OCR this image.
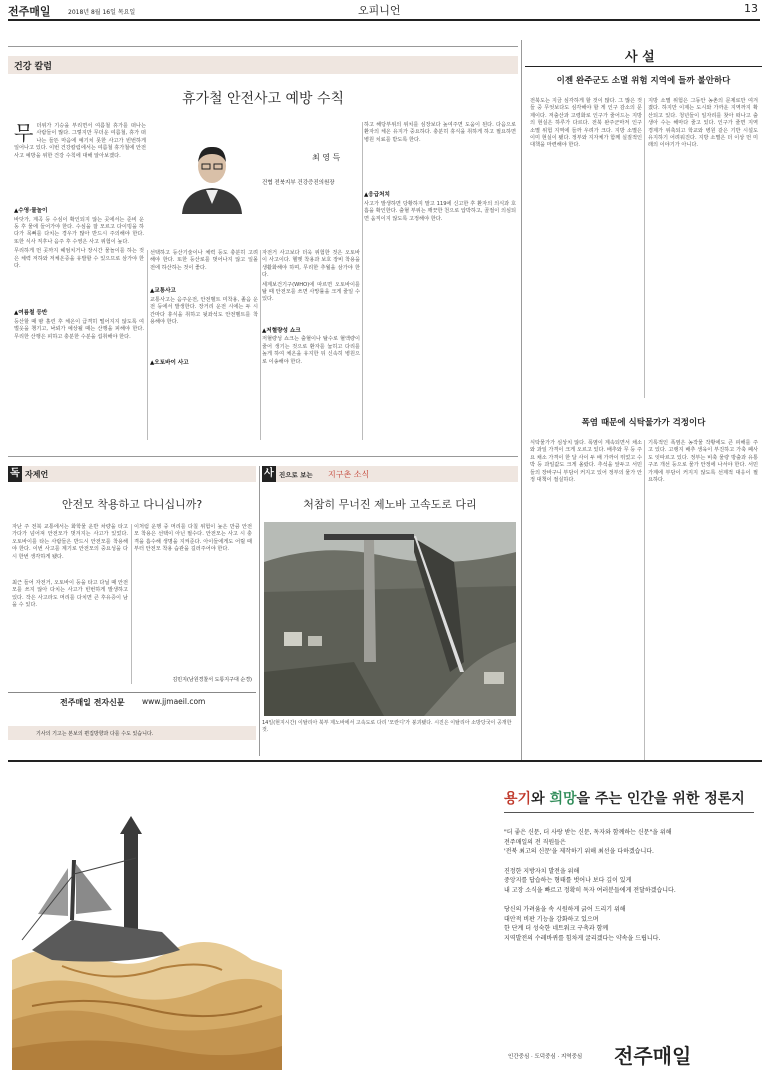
전주매일	2018년 8월 16일 목요일	오피니언	13
건강 칼럼
휴가철 안전사고 예방 수칙
최 영 득
건협 전북지부 건강증진의원장
무 더위가 기승을 부리면서 여름철 휴가를 떠나는 사람들이 많다. 그렇지만 무더운 여름철, 휴가 떠나는 들뜬 마음에 예기치 못한 사고가 빈번하게 일어나고 있다. 이번 건강칼럼에서는 여름철 휴가철에 안전사고 예방을 위한 건강 수칙에 대해 알아보겠다.
▲수영·물놀이
바닷가, 계곡 등 수심이 확인되지 않는 곳에서는 준비 운동 후 물에 들어가야 한다. 수심을 잘 모르고 다이빙을 하다가 목뼈를 다치는 경우가 많아 반드시 주의해야 한다. 또한 식사 직후나 음주 후 수영은 사고 위험이 높다.
무리하게 먼 곳까지 헤엄치거나 장시간 물놀이를 하는 것은 체력 저하와 저체온증을 유발할 수 있으므로 삼가야 한다.
▲여름철 등반
등산할 때 땀 흘린 후 체온이 급격히 떨어지지 않도록 여벌옷을 챙기고, 낙뢰가 예상될 때는 산행을 피해야 한다. 무리한 산행은 피하고 충분한 수분을 섭취해야 한다.
선택하고 등산기술이나 체력 등도 충분히 고려해야 한다. 또한 등산로를 벗어나지 않고 일몰 전에 하산하는 것이 좋다.
▲교통사고
교통사고는 음주운전, 안전벨트 미착용, 졸음 운전 등에서 발생한다. 장거리 운전 시에는 두 시간마다 휴식을 취하고 뒷좌석도 안전벨트를 착용해야 한다.
▲오토바이 사고
자전거 사고보다 더욱 위험한 것은 오토바이 사고이다. 헬멧 착용과 보호 장비 착용을 생활화해야 하며, 무리한 추월을 삼가야 한다.
세계보건기구(WHO)에 따르면 오토바이를 탈 때 안전모를 쓰면 사망률을 크게 줄일 수 있다.
▲저혈량성 쇼크
저혈량성 쇼크는 출혈이나 탈수로 혈액량이 줄어 생기는 것으로 환자를 눕히고 다리를 높게 하여 체온을 유지한 뒤 신속히 병원으로 이송해야 한다.
하고 해당부위의 위치를 심장보다 높여주면 도움이 된다. 다음으로 환자의 체온 유지가 중요하다. 충분히 휴식을 취하게 하고 필요하면 병원 치료를 받도록 한다.
▲응급처치
사고가 발생하면 당황하지 말고 119에 신고한 후 환자의 의식과 호흡을 확인한다. 출혈 부위는 깨끗한 천으로 압박하고, 골절이 의심되면 움직이지 않도록 고정해야 한다.
사 설
이젠 완주군도 소멸 위험 지역에 들까 불안하다
전북도는 지금 심각하게 할 것이 많다. 그 많은 것들 중 무엇보다도 심각해야 할 게 인구 감소의 문제이다. 저출산과 고령화로 인구가 줄어드는 지방의 현실은 하루가 다르다. 전북 완주군마저 인구 소멸 위험 지역에 들까 우려가 크다. 지방 소멸은 이미 현실이 됐다. 정부와 지자체가 함께 실질적인 대책을 마련해야 한다.
지방 소멸 위험은 그동안 농촌의 문제로만 여겨졌다. 하지만 이제는 도시와 가까운 지역까지 확산되고 있다. 청년들이 일자리를 찾아 떠나고 출생아 수는 해마다 줄고 있다. 인구가 줄면 지역 경제가 위축되고 학교와 병원 같은 기반 시설도 유지하기 어려워진다. 지방 소멸은 더 이상 먼 미래의 이야기가 아니다.
폭염 때문에 식탁물가가 걱정이다
식탁물가가 심상치 않다. 폭염이 계속되면서 채소와 과일 가격이 크게 오르고 있다. 배추와 무 등 주요 채소 가격이 한 달 사이 두 배 가까이 뛰었고 수박 등 과일값도 크게 올랐다. 추석을 앞두고 서민들의 장바구니 부담이 커지고 있어 정부의 물가 안정 대책이 절실하다.
기록적인 폭염은 농작물 작황에도 큰 피해를 주고 있다. 고랭지 배추 생육이 부진하고 가축 폐사도 잇따르고 있다. 정부는 비축 물량 방출과 유통 구조 개선 등으로 물가 안정에 나서야 한다. 서민 가계에 부담이 커지지 않도록 선제적 대응이 필요하다.
독 자제언
안전모 착용하고 다니십니까?
자난 주 전북 교통에서는 화학물 운반 차량을 타고 가다가 넘어져 안전모가 벗겨지는 사고가 있었다. 오토바이를 타는 사람들은 반드시 안전모를 착용해야 한다. 이번 사고를 계기로 안전모의 중요성을 다시 한번 생각하게 됐다.
최근 들어 자전거, 오토바이 등을 타고 다닐 때 안전모를 쓰지 않아 다치는 사고가 빈번하게 발생하고 있다. 작은 사고라도 머리를 다치면 큰 후유증이 남을 수 있다.
이처럼 운행 중 머리를 다칠 위험이 높은 만큼 안전모 착용은 선택이 아닌 필수다. 안전모는 사고 시 충격을 흡수해 생명을 지켜준다. 아이들에게도 어릴 때부터 안전모 착용 습관을 길러주어야 한다.
김민지(남원경찰서 도통지구대 순경)
전주매일 전자신문 www.jjmaeil.com
기사의 기고는 본보의 편집방향과 다를 수도 있습니다.
사 진으로 보는 지구촌 소식
처참히 무너진 제노바 고속도로 다리
14일(현지시간) 이탈리아 북부 제노바에서 고속도로 다리 '모란디'가 붕괴됐다. 시진은 이탈리아 소방당국이 공개한 것.
용기와 희망을 주는 인간을 위한 정론지
"더 좋은 신문, 더 사랑 받는 신문, 독자와 함께하는 신문"을 위해
전주매일의 전 직원들은
'전북 최고의 신문'을 제작하기 위해 최선을 다하겠습니다.
진정한 지방자치 발전을 위해
중앙지를 답습하는 형태를 벗어나 보다 깊이 있게
내 고장 소식을 빠르고 정확히 독자 여러분들에게 전달하겠습니다.
당신의 가려움을 속 시원하게 긁어 드리기 위해
대안적 비판 기능을 강화하고 있으며
한 단계 더 성숙한 네트워크 구축과 함께
지역발전의 수레바퀴를 힘차게 굴리겠다는 약속을 드립니다.
인간중심 · 도덕중심 · 지역중심 전주매일
